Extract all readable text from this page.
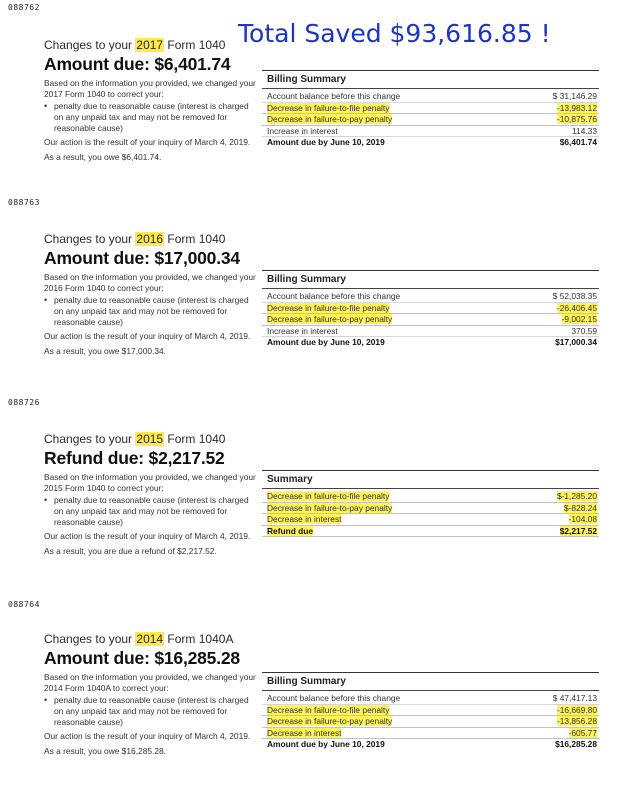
Total Saved $93,616.85 !
088762

Changes to your 2017 Form 1040

Amount due: $6,401.74

Based on the information you provided, we changed your 2017 Form 1040 to correct your:

• penalty due to reasonable cause (interest is charged on any unpaid tax and may not be removed for reasonable cause)

Our action is the result of your inquiry of March 4, 2019.

As a result, you owe $6,401.74.

Billing Summary
Account balance before this change	$ 31,146.29
Decrease in failure-to-file penalty	-13,983.12
Decrease in failure-to-pay penalty	-10,875.76
Increase in interest	114.33
Amount due by June 10, 2019	$6,401.74
088763

Changes to your 2016 Form 1040

Amount due: $17,000.34

Based on the information you provided, we changed your 2016 Form 1040 to correct your:

• penalty due to reasonable cause (interest is charged on any unpaid tax and may not be removed for reasonable cause)

Our action is the result of your inquiry of March 4, 2019.

As a result, you owe $17,000.34.

Billing Summary
Account balance before this change	$ 52,038.35
Decrease in failure-to-file penalty	-26,406.45
Decrease in failure-to-pay penalty	-9,002.15
Increase in interest	370.59
Amount due by June 10, 2019	$17,000.34
088726

Changes to your 2015 Form 1040

Refund due: $2,217.52

Based on the information you provided, we changed your 2015 Form 1040 to correct your:

• penalty due to reasonable cause (interest is charged on any unpaid tax and may not be removed for reasonable cause)

Our action is the result of your inquiry of March 4, 2019.

As a result, you are due a refund of $2,217.52.

Summary
Decrease in failure-to-file penalty	$-1,285.20
Decrease in failure-to-pay penalty	$-828.24
Decrease in interest	-104.08
Refund due	$2,217.52
088764

Changes to your 2014 Form 1040A

Amount due: $16,285.28

Based on the information you provided, we changed your 2014 Form 1040A to correct your:

• penalty due to reasonable cause (interest is charged on any unpaid tax and may not be removed for reasonable cause)

Our action is the result of your inquiry of March 4, 2019.

As a result, you owe $16,285.28.

Billing Summary
Account balance before this change	$ 47,417.13
Decrease in failure-to-file penalty	-16,669.80
Decrease in failure-to-pay penalty	-13,856.28
Decrease in interest	-605.77
Amount due by June 10, 2019	$16,285.28
